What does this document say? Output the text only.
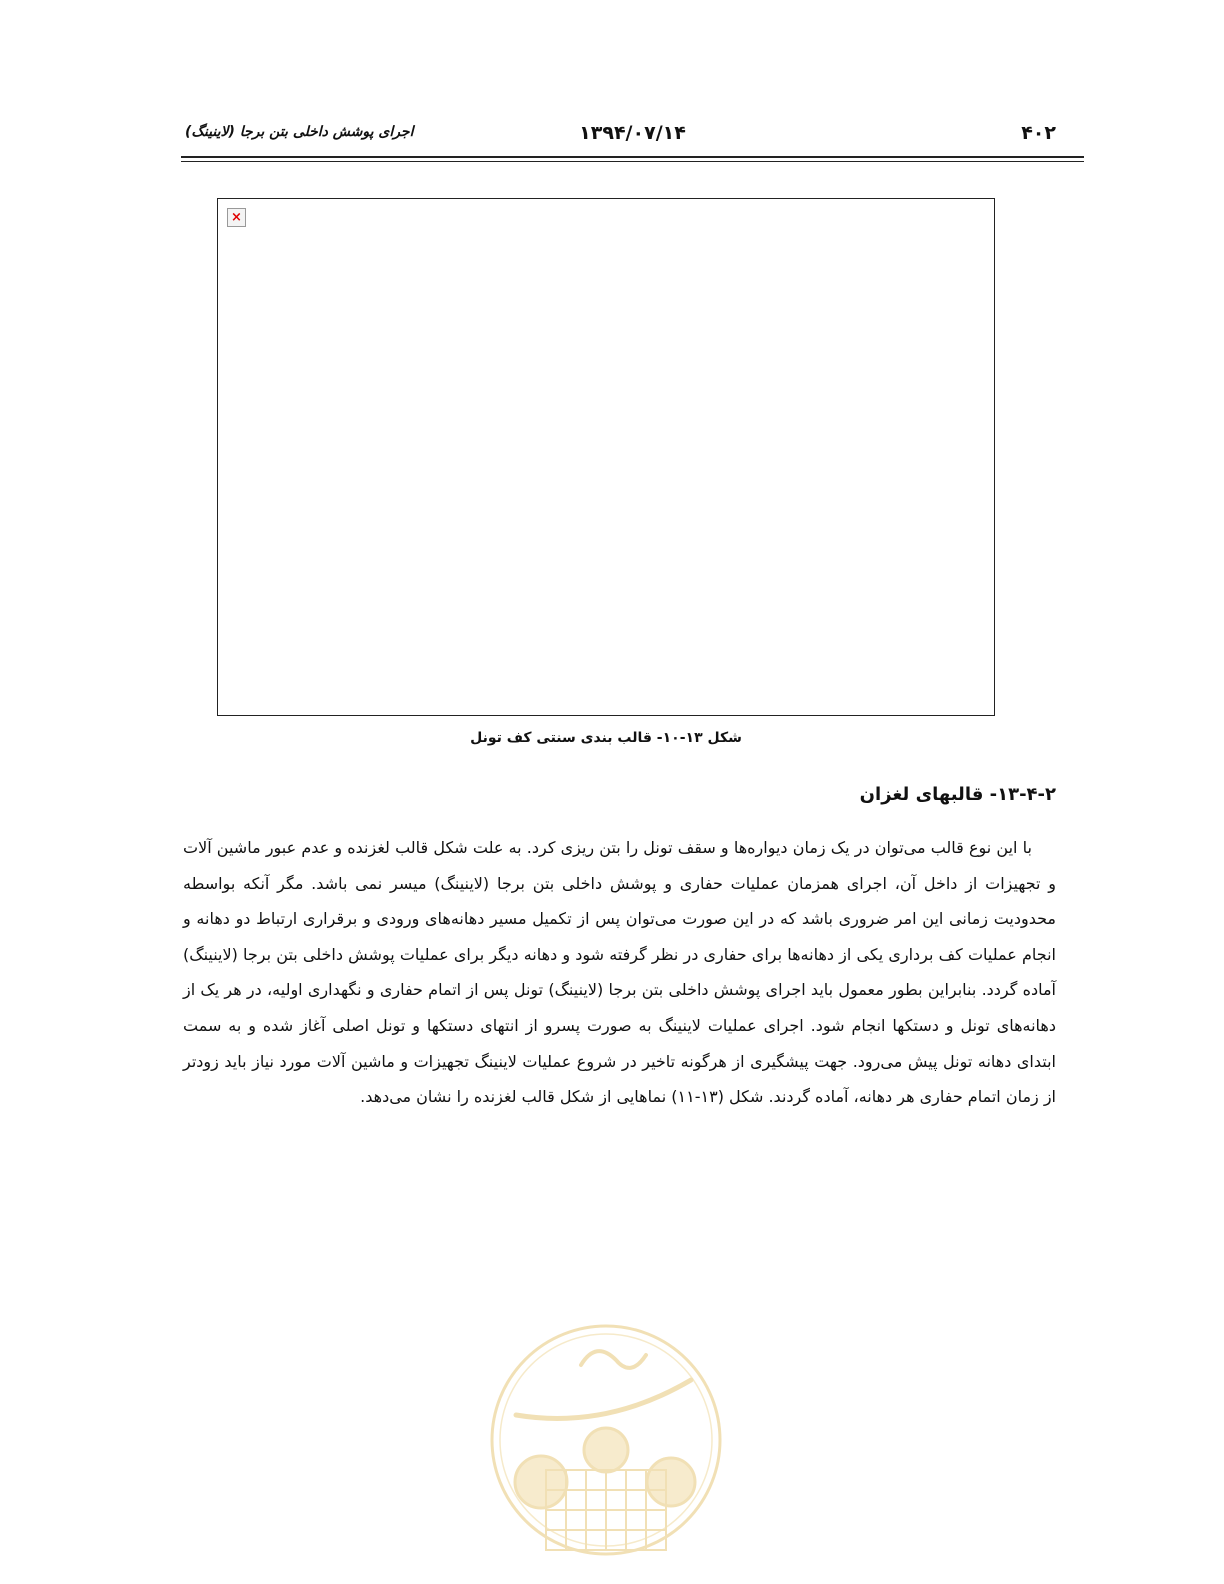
۴۰۲
۱۳۹۴/۰۷/۱۴
اجرای پوشش داخلی بتن برجا (لاینینگ)
×
شکل ۱۳-۱۰- قالب بندی سنتی کف تونل
۱۳-۴-۲- قالبهای لغزان

با این نوع قالب می‌توان در یک زمان دیواره‌ها و سقف تونل را بتن ریزی کرد. به علت شکل قالب لغزنده و عدم عبور ماشین آلات و تجهیزات از داخل آن، اجرای همزمان عملیات حفاری و پوشش داخلی بتن برجا (لاینینگ) میسر نمی باشد. مگر آنکه بواسطه محدودیت زمانی این امر ضروری باشد که در این صورت می‌توان پس از تکمیل مسیر دهانه‌های ورودی و برقراری ارتباط دو دهانه و انجام عملیات کف برداری یکی از دهانه‌ها برای حفاری در نظر گرفته شود و دهانه دیگر برای عملیات پوشش داخلی بتن برجا (لاینینگ) آماده گردد. بنابراین بطور معمول باید اجرای پوشش داخلی بتن برجا (لاینینگ) تونل پس از اتمام حفاری و نگهداری اولیه، در هر یک از دهانه‌های تونل و دستکها انجام شود. اجرای عملیات لاینینگ به صورت پسرو از انتهای دستکها و تونل اصلی آغاز شده و به سمت ابتدای دهانه تونل پیش می‌رود. جهت پیشگیری از هرگونه تاخیر در شروع عملیات لاینینگ تجهیزات و ماشین آلات مورد نیاز باید زودتر از زمان اتمام حفاری هر دهانه، آماده گردند. شکل (۱۳-۱۱) نماهایی از شکل قالب لغزنده را نشان می‌دهد.
